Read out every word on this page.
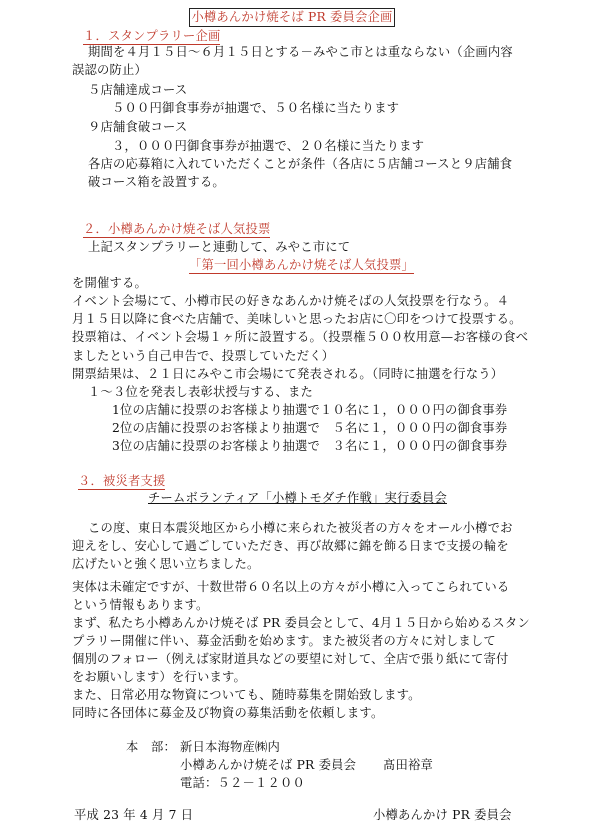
小樽あんかけ焼そば PR 委員会企画
１．スタンプラリー企画
期間を４月１５日～６月１５日とする－みやこ市とは重ならない（企画内容
誤認の防止）
５店舗達成コース
５００円御食事券が抽選で、５０名様に当たります
９店舗食破コース
３，０００円御食事券が抽選で、２０名様に当たります
各店の応募箱に入れていただくことが条件（各店に５店舗コースと９店舗食
破コース箱を設置する。
２．小樽あんかけ焼そば人気投票
上記スタンプラリーと連動して、みやこ市にて
「第一回小樽あんかけ焼そば人気投票」
を開催する。
イベント会場にて、小樽市民の好きなあんかけ焼そばの人気投票を行なう。４
月１５日以降に食べた店舗で、美味しいと思ったお店に〇印をつけて投票する。
投票箱は、イベント会場１ヶ所に設置する。（投票権５００枚用意—お客様の食べ
ましたという自己申告で、投票していただく）
開票結果は、２１日にみやこ市会場にて発表される。（同時に抽選を行なう）
１～３位を発表し表彰状授与する、また
1位の店舗に投票のお客様より抽選で１０名に１，０００円の御食事券
2位の店舗に投票のお客様より抽選で　５名に１，０００円の御食事券
3位の店舗に投票のお客様より抽選で　３名に１，０００円の御食事券
３．被災者支援
チームボランティア「小樽トモダチ作戦」実行委員会
この度、東日本震災地区から小樽に来られた被災者の方々をオール小樽でお
迎えをし、安心して過ごしていただき、再び故郷に錦を飾る日まで支援の輪を
広げたいと強く思い立ちました。
実体は未確定ですが、十数世帯６０名以上の方々が小樽に入ってこられている
という情報もあります。
まず、私たち小樽あんかけ焼そば PR 委員会として、4月１５日から始めるスタン
プラリー開催に伴い、募金活動を始めます。また被災者の方々に対しまして
個別のフォロー（例えば家財道具などの要望に対して、全店で張り紙にて寄付
をお願いします）を行います。
また、日常必用な物資についても、随時募集を開始致します。
同時に各団体に募金及び物資の募集活動を依頼します。
本　部： 新日本海物産㈱内
小樽あんかけ焼そば PR 委員会 髙田裕章
電話：５２－１２００
平成 23 年 4 月 7 日	小樽あんかけ PR 委員会
